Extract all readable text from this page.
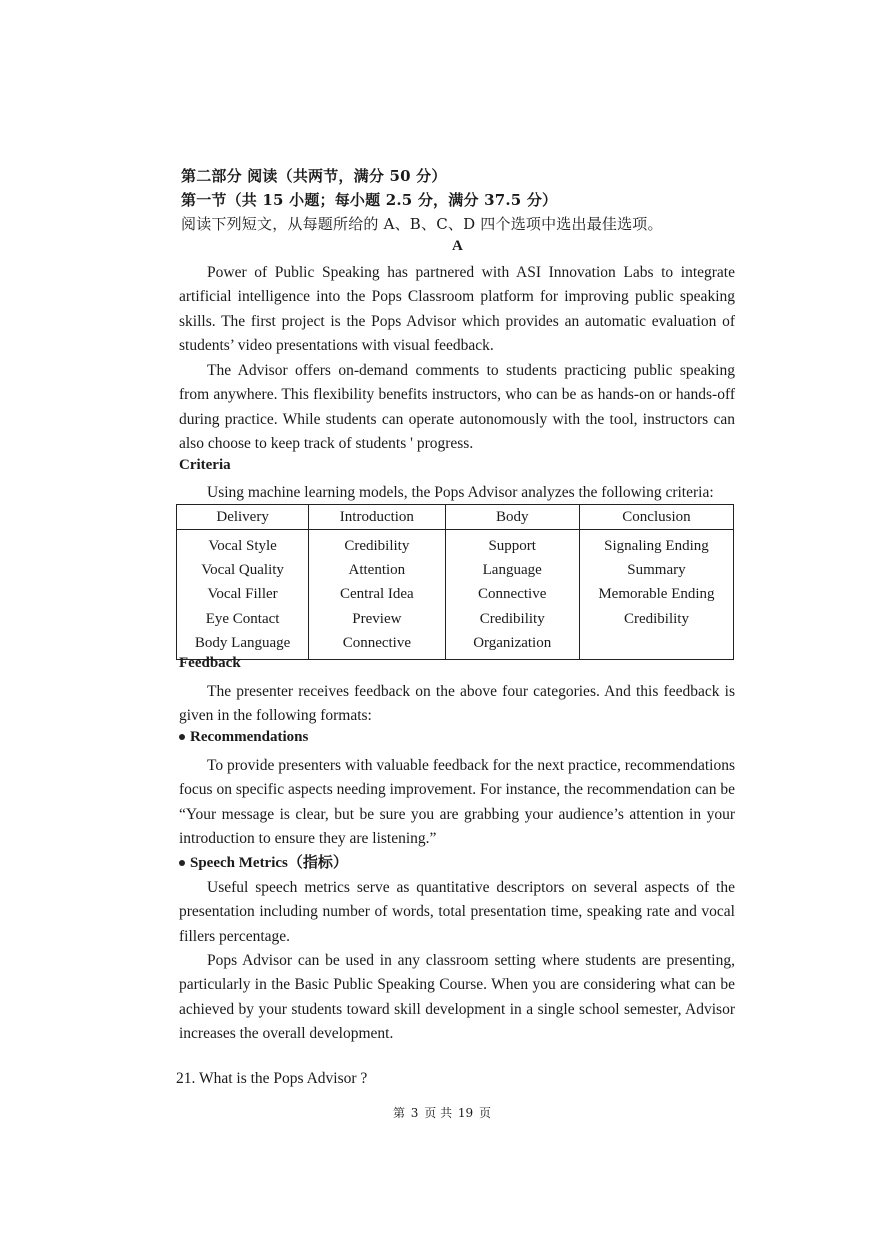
第二部分 阅读（共两节，满分 50 分）
第一节（共 15 小题；每小题 2.5 分，满分 37.5 分）
阅读下列短文，从每题所给的 A、B、C、D 四个选项中选出最佳选项。
A
Power of Public Speaking has partnered with ASI Innovation Labs to integrate artificial intelligence into the Pops Classroom platform for improving public speaking skills. The first project is the Pops Advisor which provides an automatic evaluation of students’ video presentations with visual feedback.
The Advisor offers on-demand comments to students practicing public speaking from anywhere. This flexibility benefits instructors, who can be as hands-on or hands-off during practice. While students can operate autonomously with the tool, instructors can also choose to keep track of students ' progress.
Criteria
Using machine learning models, the Pops Advisor analyzes the following criteria:
Delivery	Introduction	Body	Conclusion
Vocal Style	Credibility	Support	Signaling Ending
Vocal Quality	Attention	Language	Summary
Vocal Filler	Central Idea	Connective	Memorable Ending
Eye Contact	Preview	Credibility	Credibility
Body Language	Connective	Organization	
Feedback
The presenter receives feedback on the above four categories. And this feedback is given in the following formats:
Recommendations
To provide presenters with valuable feedback for the next practice, recommendations focus on specific aspects needing improvement. For instance, the recommendation can be “Your message is clear, but be sure you are grabbing your audience’s attention in your introduction to ensure they are listening.”
Speech Metrics（指标）
Useful speech metrics serve as quantitative descriptors on several aspects of the presentation including number of words, total presentation time, speaking rate and vocal fillers percentage.
Pops Advisor can be used in any classroom setting where students are presenting, particularly in the Basic Public Speaking Course. When you are considering what can be achieved by your students toward skill development in a single school semester, Advisor increases the overall development.
21. What is the Pops Advisor ?
第 3 页 共 19 页
